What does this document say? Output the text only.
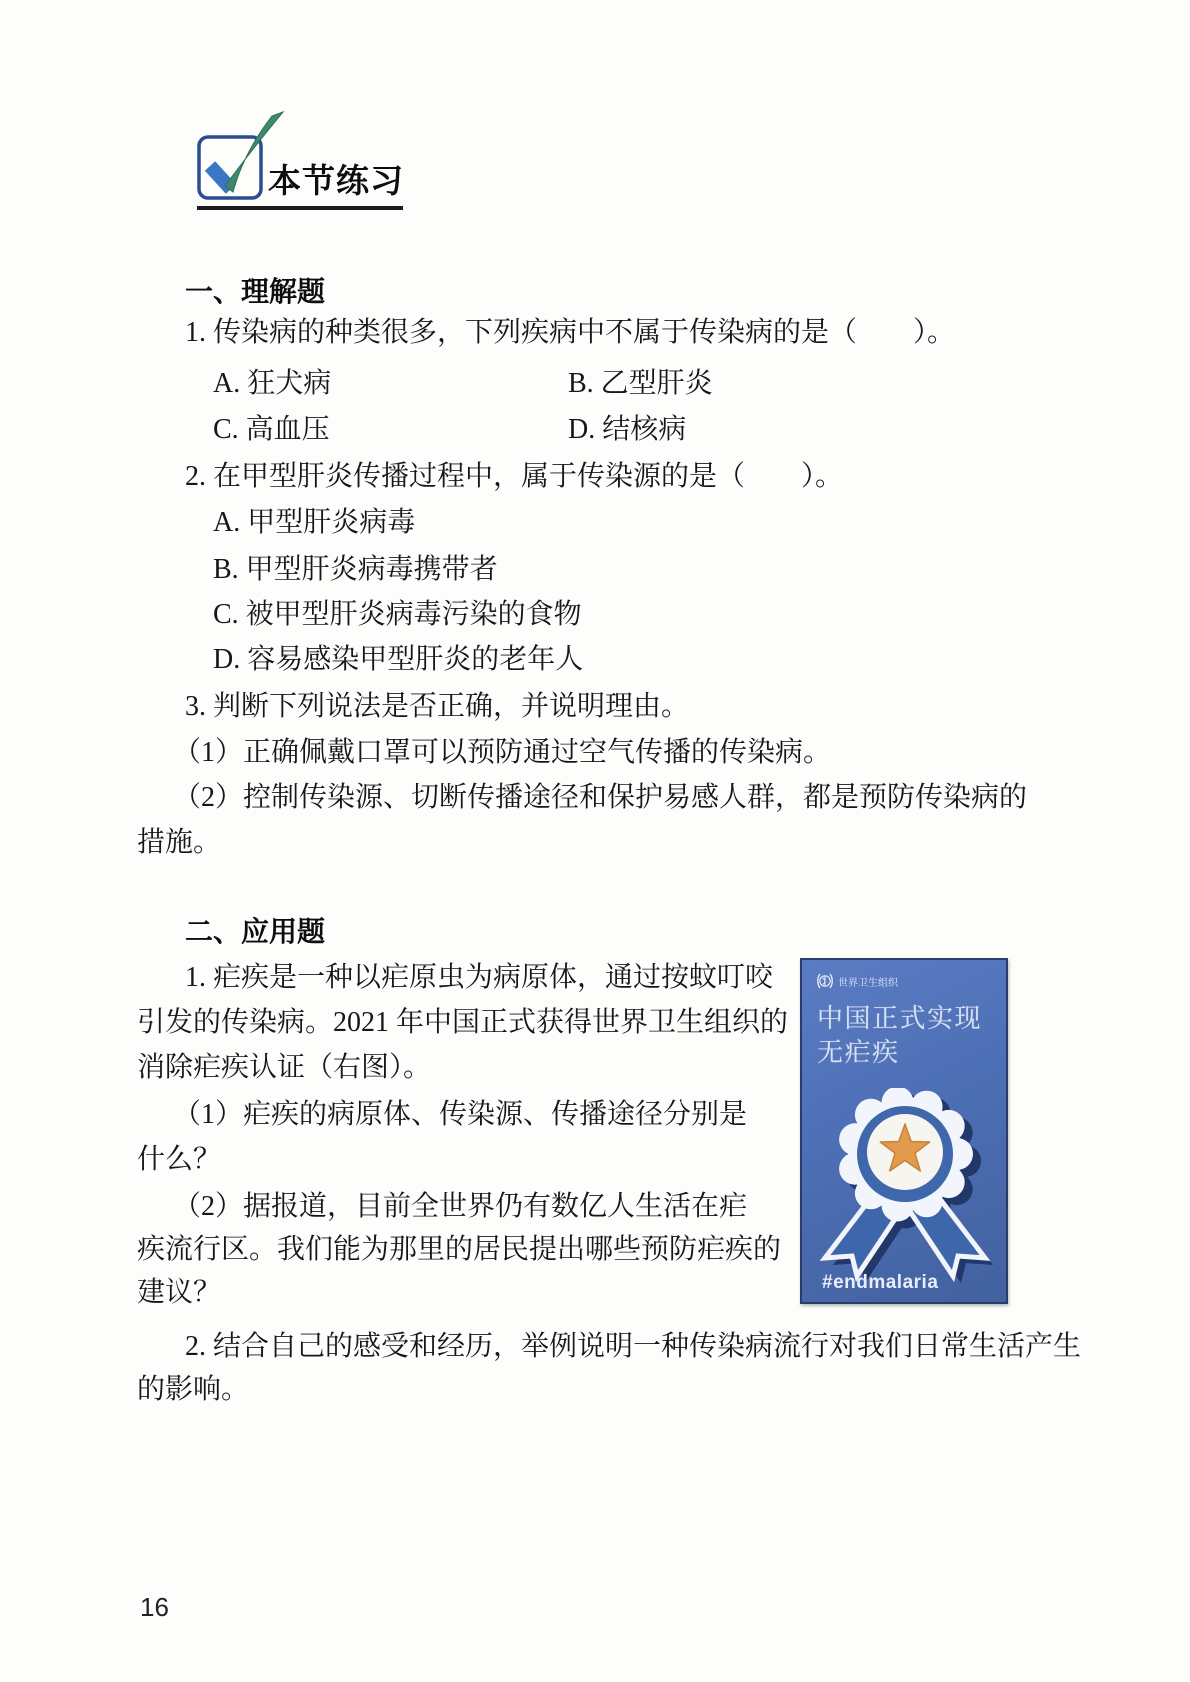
本节练习
一、理解题
1. 传染病的种类很多，下列疾病中不属于传染病的是（　　）。
A. 狂犬病	B. 乙型肝炎
C. 高血压	D. 结核病
2. 在甲型肝炎传播过程中，属于传染源的是（　　）。
A. 甲型肝炎病毒
B. 甲型肝炎病毒携带者
C. 被甲型肝炎病毒污染的食物
D. 容易感染甲型肝炎的老年人
3. 判断下列说法是否正确，并说明理由。
（1）正确佩戴口罩可以预防通过空气传播的传染病。
（2）控制传染源、切断传播途径和保护易感人群，都是预防传染病的
措施。
二、应用题
1. 疟疾是一种以疟原虫为病原体，通过按蚊叮咬
引发的传染病。2021 年中国正式获得世界卫生组织的
消除疟疾认证（右图）。
（1）疟疾的病原体、传染源、传播途径分别是
什么？
（2）据报道，目前全世界仍有数亿人生活在疟
疾流行区。我们能为那里的居民提出哪些预防疟疾的
建议？
2. 结合自己的感受和经历，举例说明一种传染病流行对我们日常生活产生
的影响。
世界卫生组织
中国正式实现
无疟疾
#endmalaria
16
